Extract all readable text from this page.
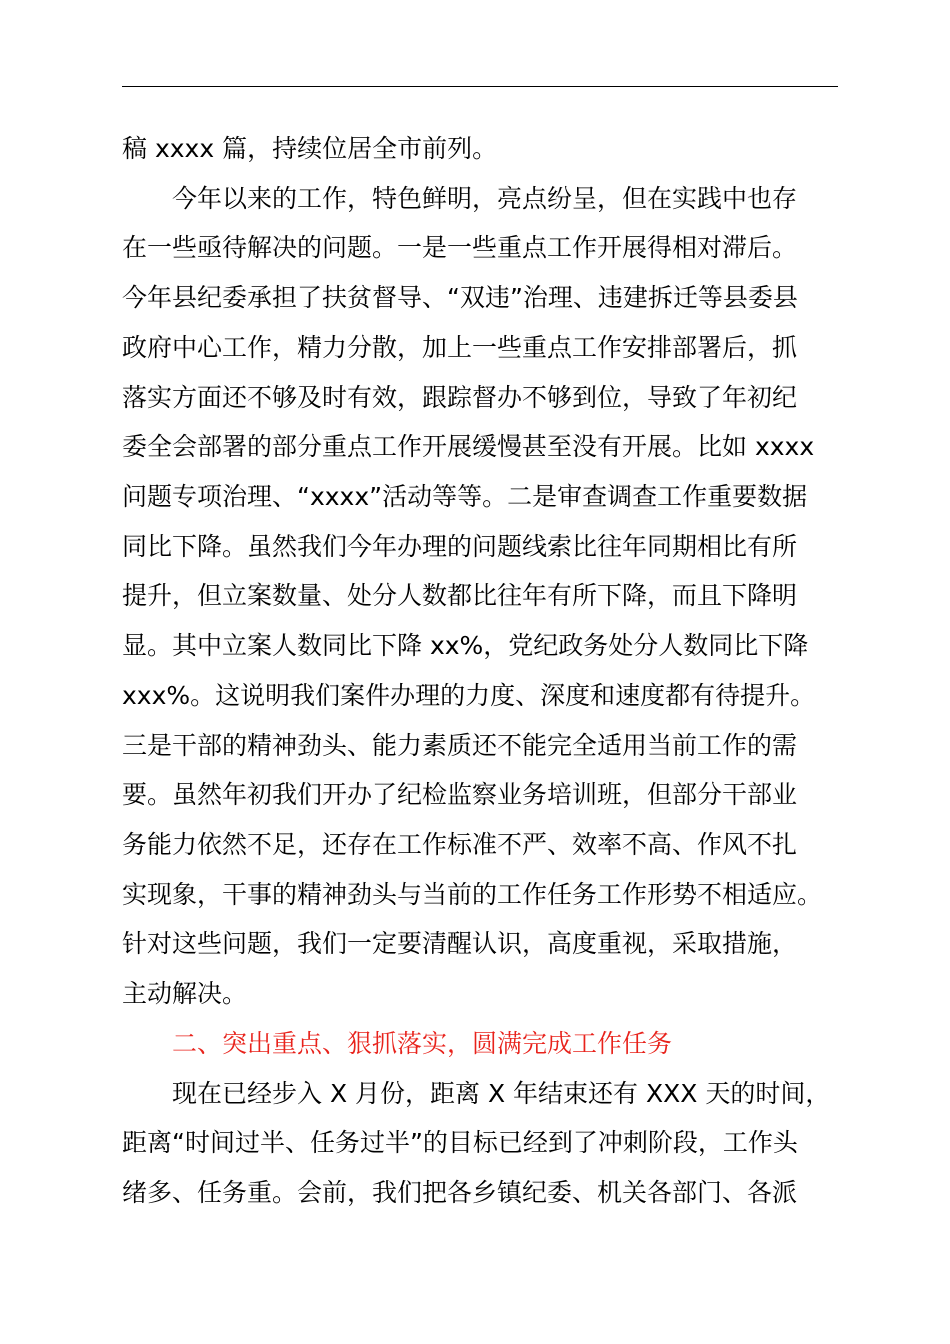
稿 xxxx 篇，持续位居全市前列。
今年以来的工作，特色鲜明，亮点纷呈，但在实践中也存
在一些亟待解决的问题。一是一些重点工作开展得相对滞后。
今年县纪委承担了扶贫督导、“双违”治理、违建拆迁等县委县
政府中心工作，精力分散，加上一些重点工作安排部署后，抓
落实方面还不够及时有效，跟踪督办不够到位，导致了年初纪
委全会部署的部分重点工作开展缓慢甚至没有开展。比如 xxxx
问题专项治理、“xxxx”活动等等。二是审查调查工作重要数据
同比下降。虽然我们今年办理的问题线索比往年同期相比有所
提升，但立案数量、处分人数都比往年有所下降，而且下降明
显。其中立案人数同比下降 xx%，党纪政务处分人数同比下降
xxx%。这说明我们案件办理的力度、深度和速度都有待提升。
三是干部的精神劲头、能力素质还不能完全适用当前工作的需
要。虽然年初我们开办了纪检监察业务培训班，但部分干部业
务能力依然不足，还存在工作标准不严、效率不高、作风不扎
实现象，干事的精神劲头与当前的工作任务工作形势不相适应。
针对这些问题，我们一定要清醒认识，高度重视，采取措施，
主动解决。
二、突出重点、狠抓落实，圆满完成工作任务
现在已经步入 X 月份，距离 X 年结束还有 XXX 天的时间，
距离“时间过半、任务过半”的目标已经到了冲刺阶段，工作头
绪多、任务重。会前，我们把各乡镇纪委、机关各部门、各派
